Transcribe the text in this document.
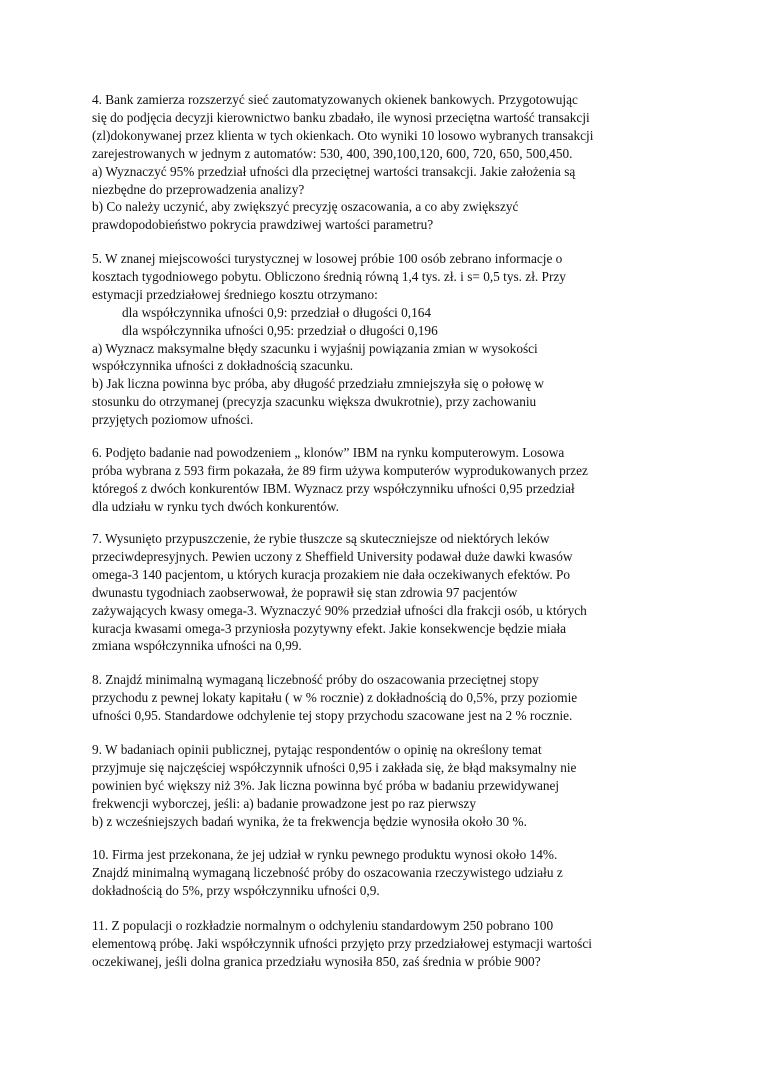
4. Bank zamierza rozszerzyć sieć zautomatyzowanych okienek bankowych. Przygotowując
się do podjęcia decyzji kierownictwo banku zbadało, ile wynosi przeciętna wartość transakcji
(zl)dokonywanej przez klienta w tych okienkach. Oto wyniki 10 losowo wybranych transakcji
zarejestrowanych w jednym z automatów: 530, 400, 390,100,120, 600, 720, 650, 500,450.
a) Wyznaczyć 95% przedział ufności dla przeciętnej wartości transakcji. Jakie założenia są
niezbędne do przeprowadzenia analizy?
b) Co należy uczynić, aby zwiększyć precyzję oszacowania, a co aby zwiększyć
prawdopodobieństwo pokrycia prawdziwej wartości parametru?
5. W znanej miejscowości turystycznej w losowej próbie 100 osób zebrano informacje o
kosztach tygodniowego pobytu. Obliczono średnią równą 1,4 tys. zł. i s= 0,5 tys. zł. Przy
estymacji przedziałowej średniego kosztu otrzymano:
dla współczynnika ufności 0,9: przedział o długości 0,164
dla współczynnika ufności 0,95: przedział o długości 0,196
a) Wyznacz maksymalne błędy szacunku i wyjaśnij powiązania zmian w wysokości
współczynnika ufności z dokładnością szacunku.
b) Jak liczna powinna byc próba, aby długość przedziału zmniejszyła się o połowę w
stosunku do otrzymanej (precyzja szacunku większa dwukrotnie), przy zachowaniu
przyjętych poziomow ufności.
6. Podjęto badanie nad powodzeniem „ klonów” IBM na rynku komputerowym. Losowa
próba wybrana z 593 firm pokazała, że 89 firm używa komputerów wyprodukowanych przez
któregoś z dwóch konkurentów IBM. Wyznacz przy współczynniku ufności 0,95 przedział
dla udziału w rynku tych dwóch konkurentów.
7. Wysunięto przypuszczenie, że rybie tłuszcze są skuteczniejsze od niektórych leków
przeciwdepresyjnych. Pewien uczony z Sheffield University podawał duże dawki kwasów
omega-3 140 pacjentom, u których kuracja prozakiem nie dała oczekiwanych efektów. Po
dwunastu tygodniach zaobserwował, że poprawił się stan zdrowia 97 pacjentów
zażywających kwasy omega-3. Wyznaczyć 90% przedział ufności dla frakcji osób, u których
kuracja kwasami omega-3 przyniosła pozytywny efekt. Jakie konsekwencje będzie miała
zmiana współczynnika ufności na 0,99.
8. Znajdź minimalną wymaganą liczebność próby do oszacowania przeciętnej stopy
przychodu z pewnej lokaty kapitału ( w % rocznie) z dokładnością do 0,5%, przy poziomie
ufności 0,95. Standardowe odchylenie tej stopy przychodu szacowane jest na 2 % rocznie.
9. W badaniach opinii publicznej, pytając respondentów o opinię na określony temat
przyjmuje się najczęściej współczynnik ufności 0,95 i zakłada się, że błąd maksymalny nie
powinien być większy niż 3%. Jak liczna powinna być próba w badaniu przewidywanej
frekwencji wyborczej, jeśli: a) badanie prowadzone jest po raz pierwszy
b) z wcześniejszych badań wynika, że ta frekwencja będzie wynosiła około 30 %.
10. Firma jest przekonana, że jej udział w rynku pewnego produktu wynosi około 14%.
Znajdź minimalną wymaganą liczebność próby do oszacowania rzeczywistego udziału z
dokładnością do 5%, przy współczynniku ufności 0,9.
11. Z populacji o rozkładzie normalnym o odchyleniu standardowym 250 pobrano 100
elementową próbę. Jaki współczynnik ufności przyjęto przy przedziałowej estymacji wartości
oczekiwanej, jeśli dolna granica przedziału wynosiła 850, zaś średnia w próbie 900?
